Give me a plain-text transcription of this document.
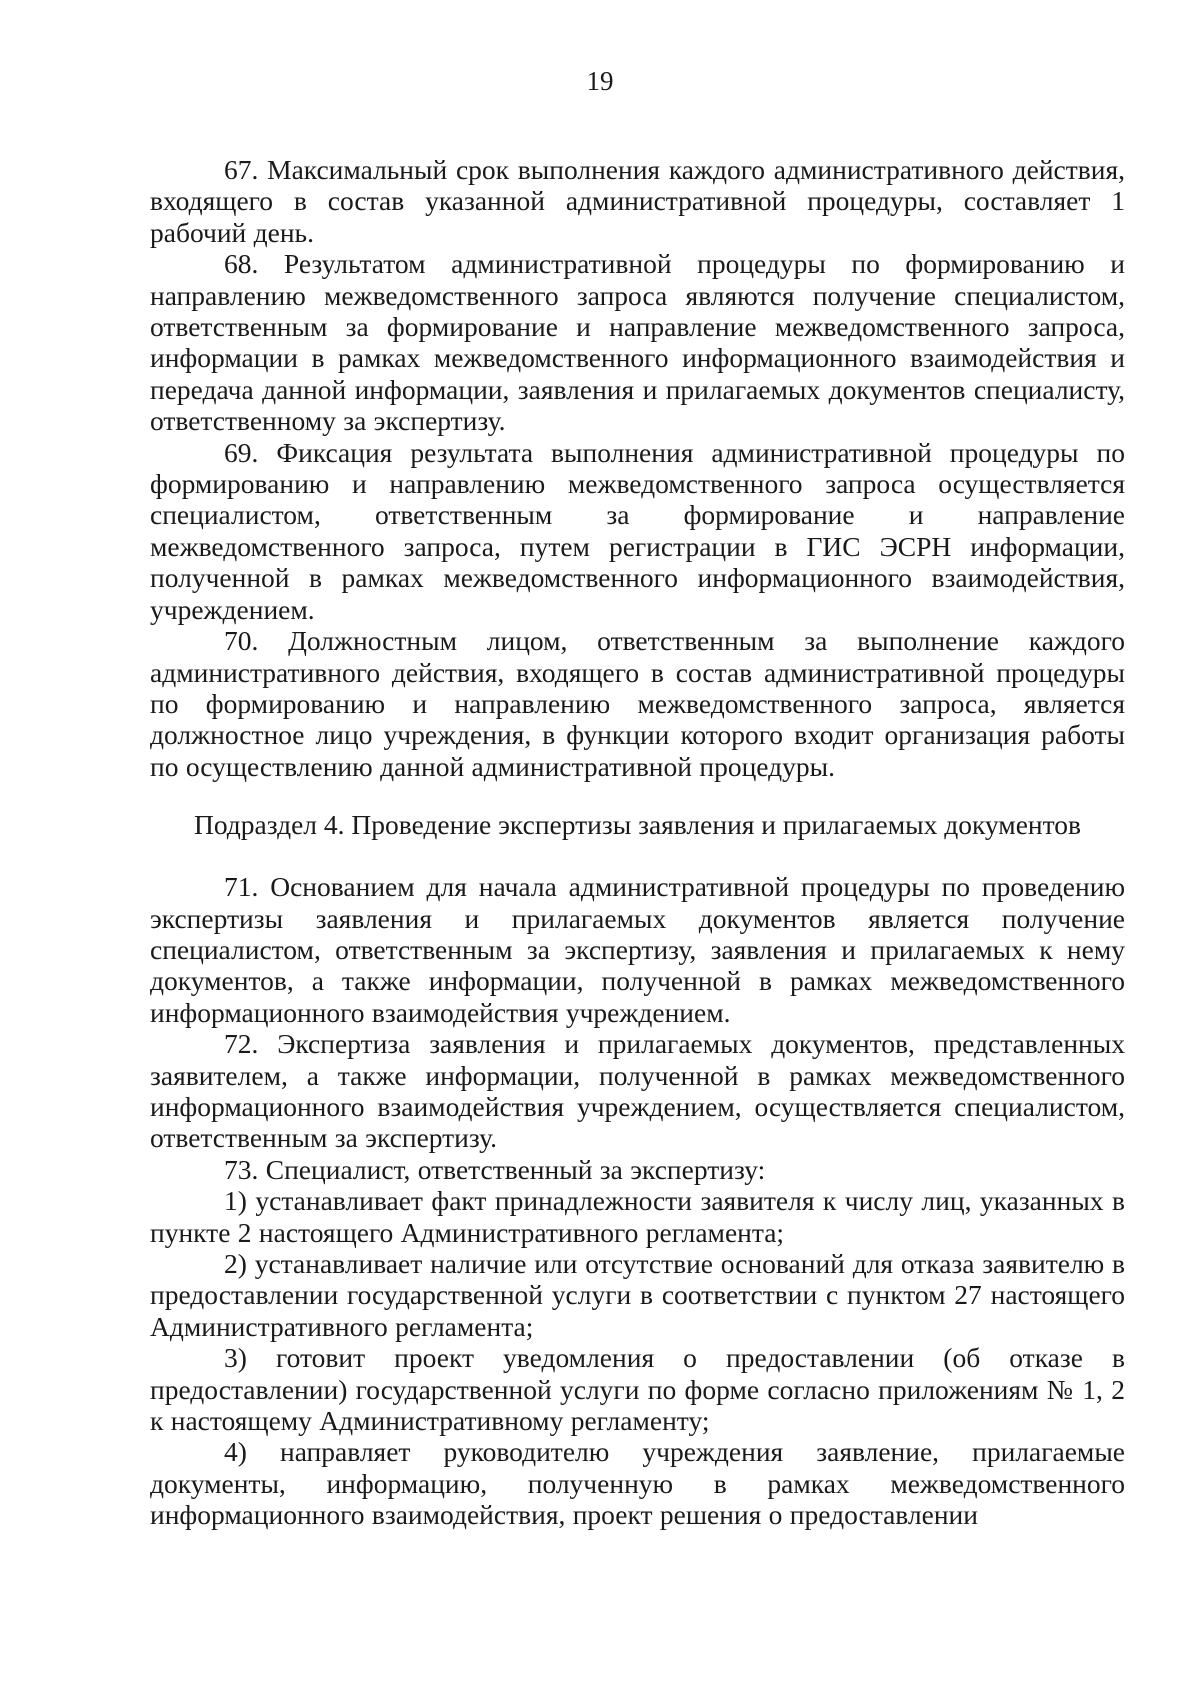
19

67. Максимальный срок выполнения каждого административного действия, входящего в состав указанной административной процедуры, составляет 1 рабочий день.

68. Результатом административной процедуры по формированию и направлению межведомственного запроса являются получение специалистом, ответственным за формирование и направление межведомственного запроса, информации в рамках межведомственного информационного взаимодействия и передача данной информации, заявления и прилагаемых документов специалисту, ответственному за экспертизу.

69. Фиксация результата выполнения административной процедуры по формированию и направлению межведомственного запроса осуществляется специалистом, ответственным за формирование и направление межведомственного запроса, путем регистрации в ГИС ЭСРН информации, полученной в рамках межведомственного информационного взаимодействия, учреждением.

70. Должностным лицом, ответственным за выполнение каждого административного действия, входящего в состав административной процедуры по формированию и направлению межведомственного запроса, является должностное лицо учреждения, в функции которого входит организация работы по осуществлению данной административной процедуры.

Подраздел 4. Проведение экспертизы заявления и прилагаемых документов

71. Основанием для начала административной процедуры по проведению экспертизы заявления и прилагаемых документов является получение специалистом, ответственным за экспертизу, заявления и прилагаемых к нему документов, а также информации, полученной в рамках межведомственного информационного взаимодействия учреждением.

72. Экспертиза заявления и прилагаемых документов, представленных заявителем, а также информации, полученной в рамках межведомственного информационного взаимодействия учреждением, осуществляется специалистом, ответственным за экспертизу.

73. Специалист, ответственный за экспертизу:

1) устанавливает факт принадлежности заявителя к числу лиц, указанных в пункте 2 настоящего Административного регламента;

2) устанавливает наличие или отсутствие оснований для отказа заявителю в предоставлении государственной услуги в соответствии с пунктом 27 настоящего Административного регламента;

3) готовит проект уведомления о предоставлении (об отказе в предоставлении) государственной услуги по форме согласно приложениям № 1, 2 к настоящему Административному регламенту;

4) направляет руководителю учреждения заявление, прилагаемые документы, информацию, полученную в рамках межведомственного информационного взаимодействия, проект решения о предоставлении
